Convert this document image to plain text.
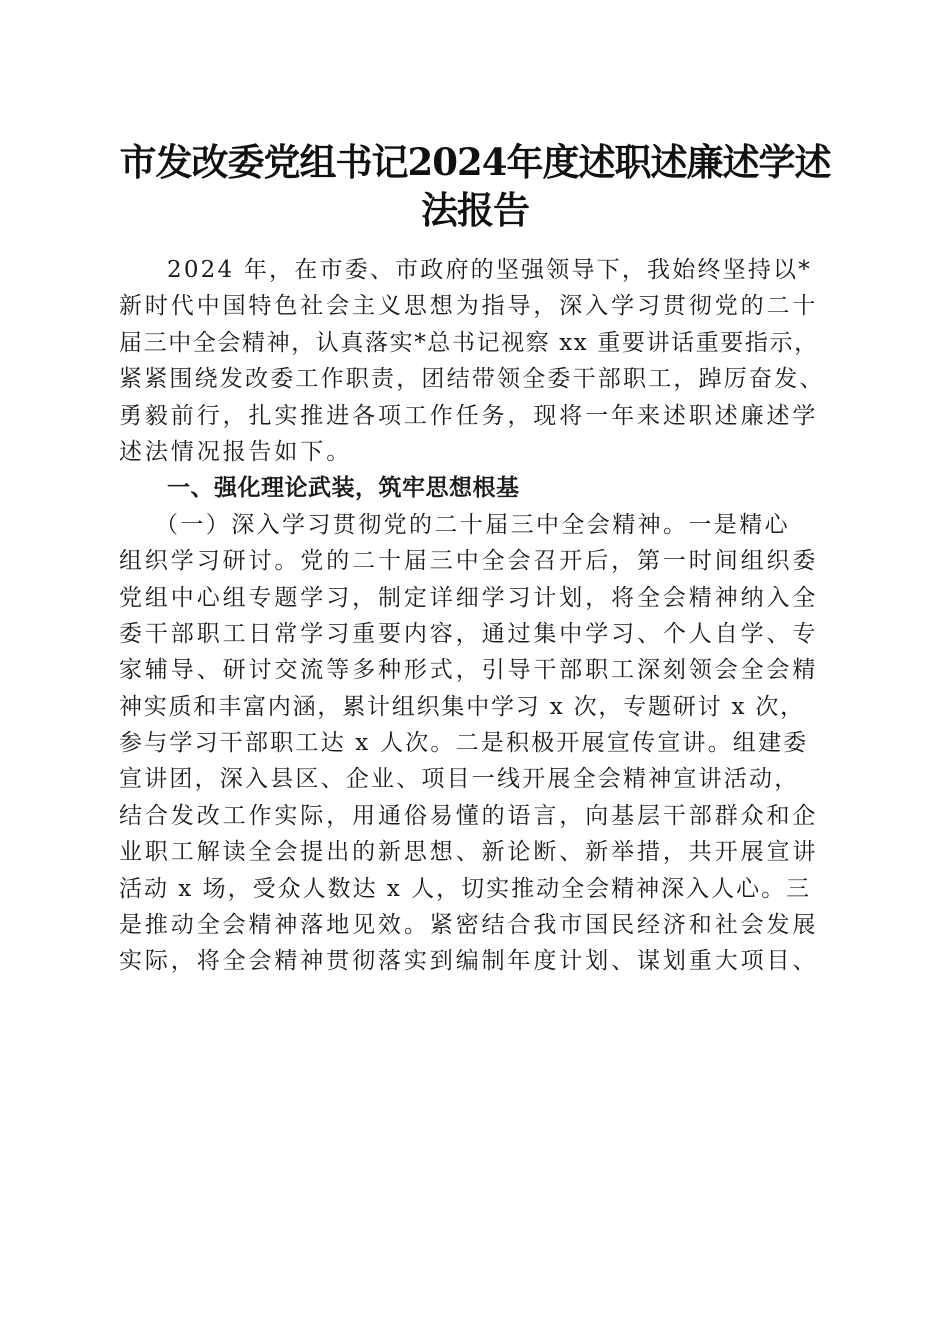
市发改委党组书记2024年度述职述廉述学述
法报告
2024 年，在市委、市政府的坚强领导下，我始终坚持以*
新时代中国特色社会主义思想为指导，深入学习贯彻党的二十
届三中全会精神，认真落实*总书记视察 xx 重要讲话重要指示，
紧紧围绕发改委工作职责，团结带领全委干部职工，踔厉奋发、
勇毅前行，扎实推进各项工作任务，现将一年来述职述廉述学
述法情况报告如下。
一、强化理论武装，筑牢思想根基
（一）深入学习贯彻党的二十届三中全会精神。一是精心
组织学习研讨。党的二十届三中全会召开后，第一时间组织委
党组中心组专题学习，制定详细学习计划，将全会精神纳入全
委干部职工日常学习重要内容，通过集中学习、个人自学、专
家辅导、研讨交流等多种形式，引导干部职工深刻领会全会精
神实质和丰富内涵，累计组织集中学习 x 次，专题研讨 x 次，
参与学习干部职工达 x 人次。二是积极开展宣传宣讲。组建委
宣讲团，深入县区、企业、项目一线开展全会精神宣讲活动，
结合发改工作实际，用通俗易懂的语言，向基层干部群众和企
业职工解读全会提出的新思想、新论断、新举措，共开展宣讲
活动 x 场，受众人数达 x 人，切实推动全会精神深入人心。三
是推动全会精神落地见效。紧密结合我市国民经济和社会发展
实际，将全会精神贯彻落实到编制年度计划、谋划重大项目、
